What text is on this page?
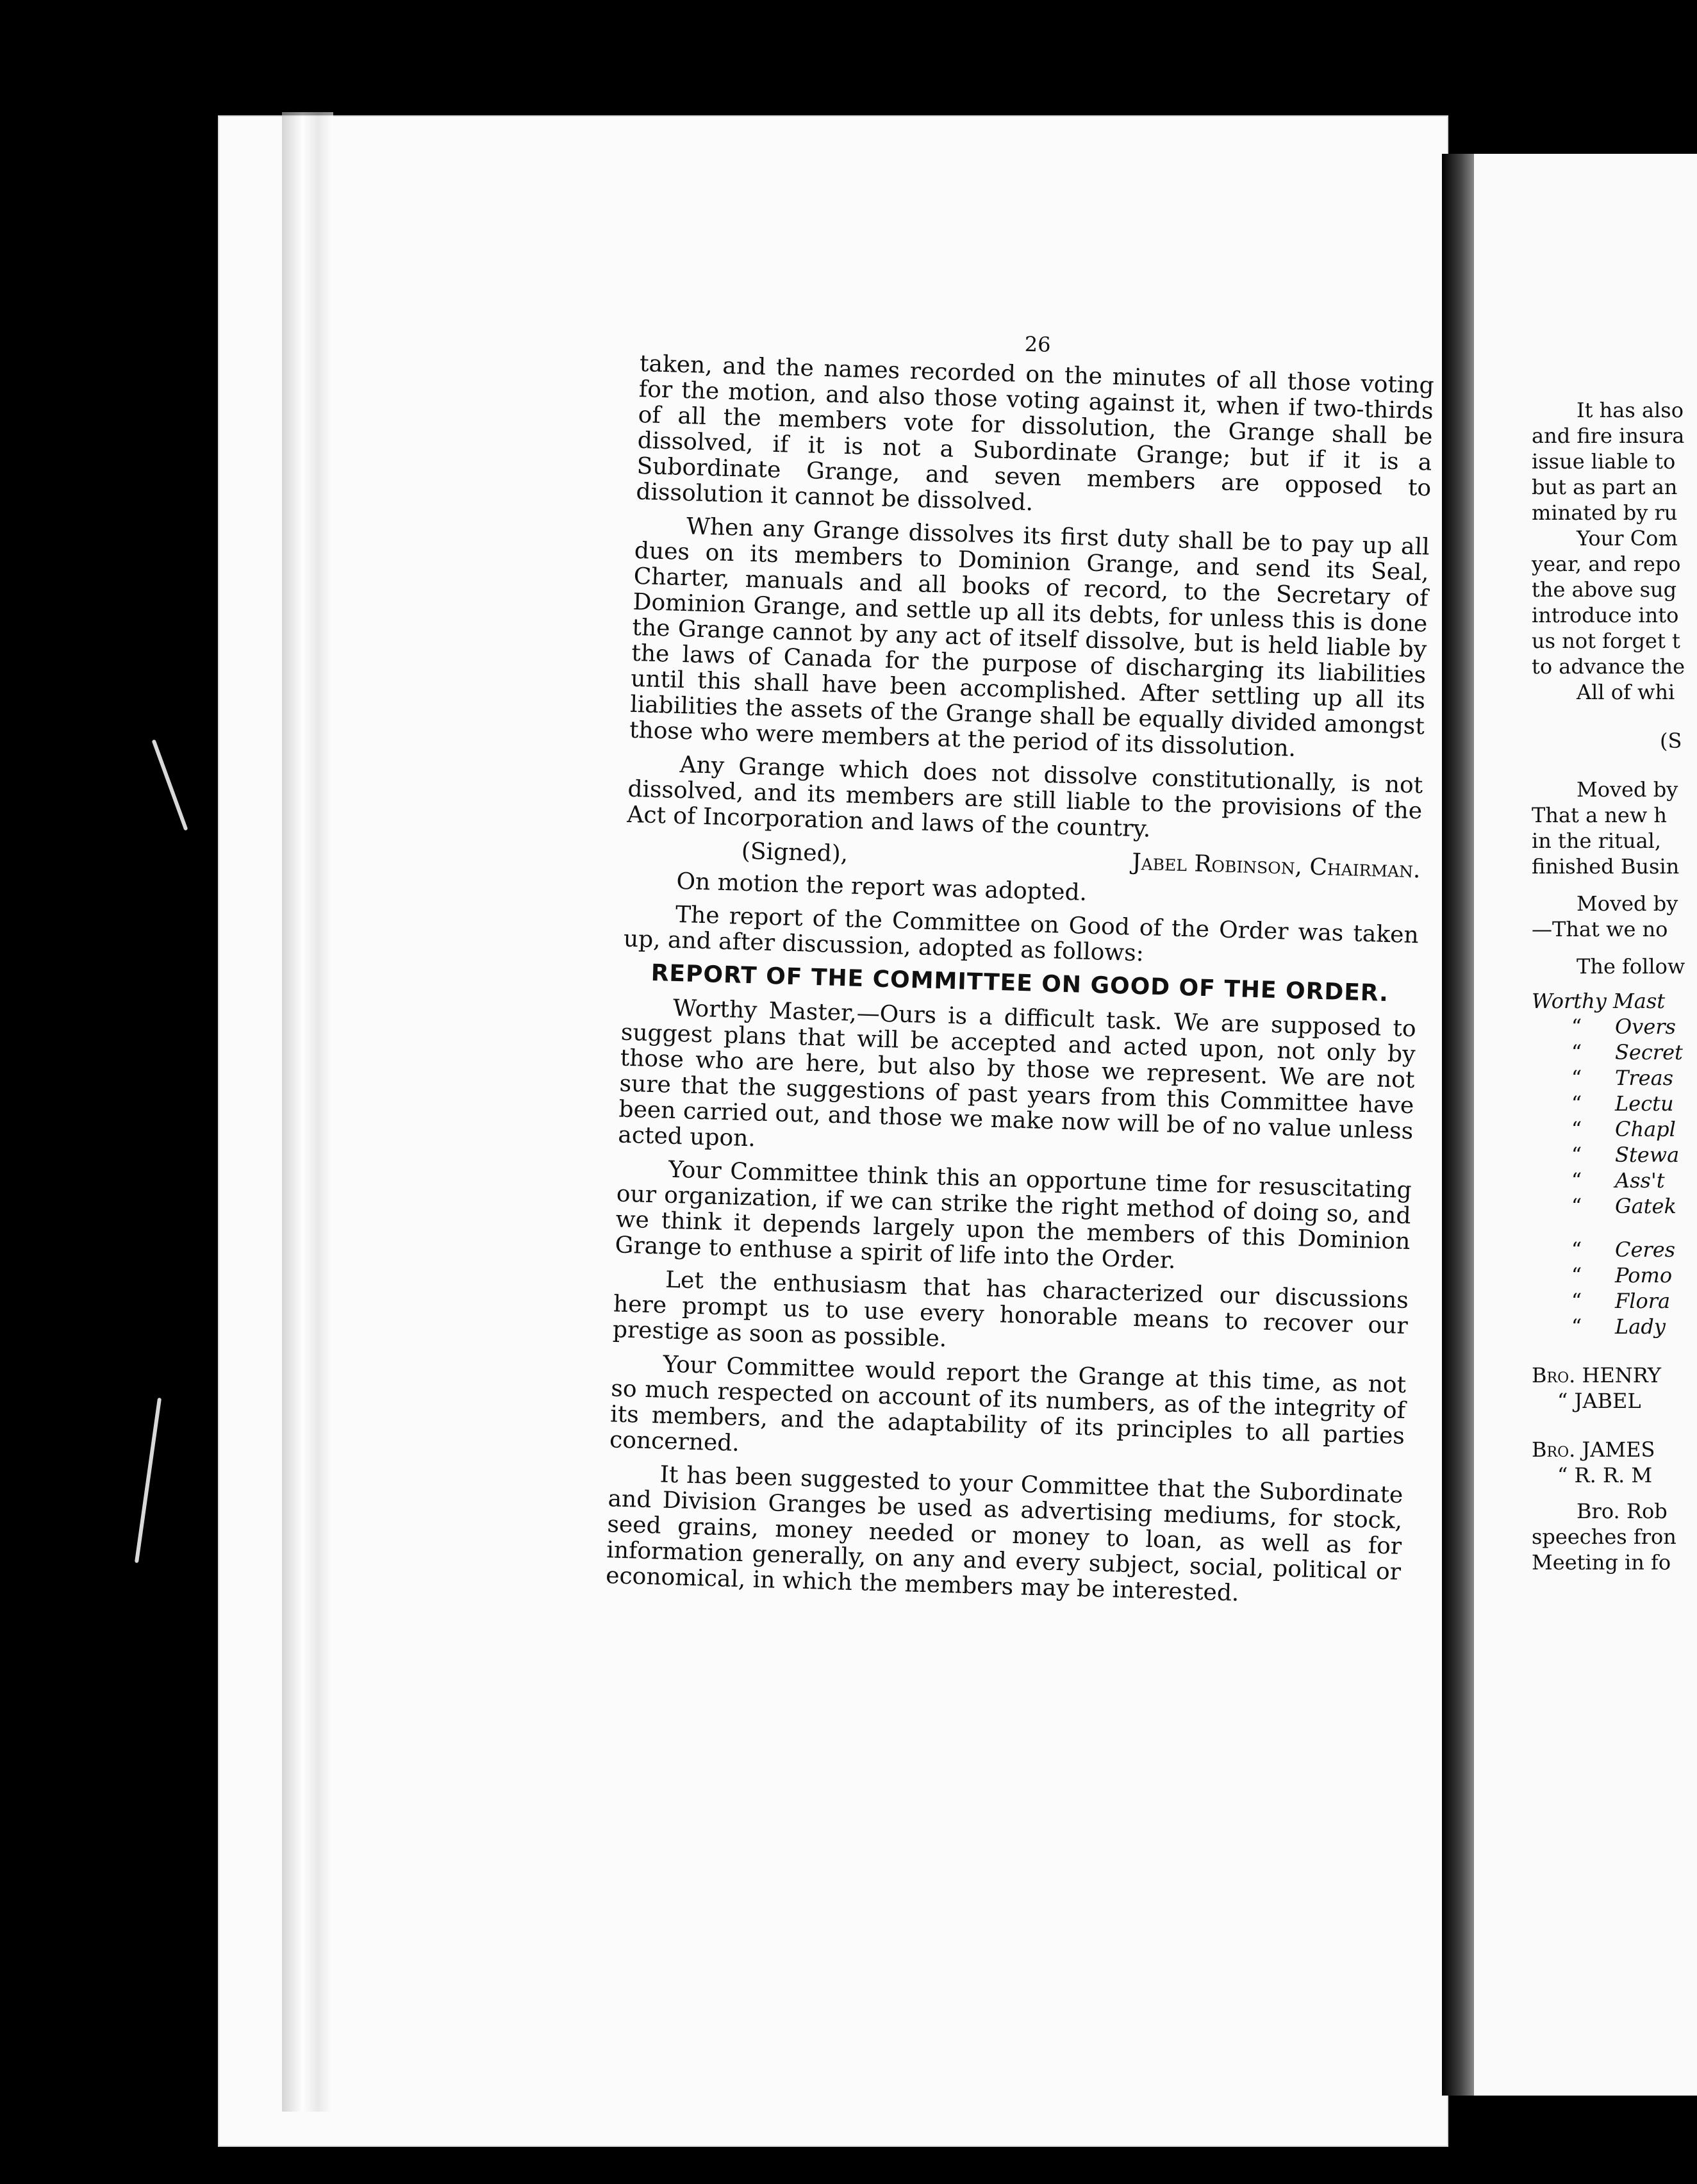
26

taken, and the names recorded on the minutes of all those voting for the motion, and also those voting against it, when if two-thirds of all the members vote for dissolution, the Grange shall be dissolved, if it is not a Subordinate Grange; but if it is a Subordinate Grange, and seven members are opposed to dissolution it cannot be dissolved.

When any Grange dissolves its first duty shall be to pay up all dues on its members to Dominion Grange, and send its Seal, Charter, manuals and all books of record, to the Secretary of Dominion Grange, and settle up all its debts, for unless this is done the Grange cannot by any act of itself dissolve, but is held liable by the laws of Canada for the purpose of discharging its liabilities until this shall have been accomplished. After settling up all its liabilities the assets of the Grange shall be equally divided amongst those who were members at the period of its dissolution.

Any Grange which does not dissolve constitutionally, is not dissolved, and its members are still liable to the provisions of the Act of Incorporation and laws of the country.

(Signed),	Jabel Robinson, Chairman.

On motion the report was adopted.

The report of the Committee on Good of the Order was taken up, and after discussion, adopted as follows:

REPORT OF THE COMMITTEE ON GOOD OF THE ORDER.

Worthy Master,—Ours is a difficult task. We are supposed to suggest plans that will be accepted and acted upon, not only by those who are here, but also by those we represent. We are not sure that the suggestions of past years from this Committee have been carried out, and those we make now will be of no value unless acted upon.

Your Committee think this an opportune time for resuscitating our organization, if we can strike the right method of doing so, and we think it depends largely upon the members of this Dominion Grange to enthuse a spirit of life into the Order.

Let the enthusiasm that has characterized our discussions here prompt us to use every honorable means to recover our prestige as soon as possible.

Your Committee would report the Grange at this time, as not so much respected on account of its numbers, as of the integrity of its members, and the adaptability of its principles to all parties concerned.

It has been suggested to your Committee that the Subordinate and Division Granges be used as advertising mediums, for stock, seed grains, money needed or money to loan, as well as for information generally, on any and every subject, social, political or economical, in which the members may be interested.

It has also

and fire insura

issue liable to

but as part an

minated by ru

Your Com

year, and repo

the above sug

introduce into

us not forget t

to advance the

All of whi

(S

Moved by

That a new h

in the ritual,

finished Busin

Moved by

—That we no

The follow

Worthy Mast

“	Overs

“	Secret

“	Treas

“	Lectu

“	Chapl

“	Stewa

“	Ass't

“	Gatek

“	Ceres

“	Pomo

“	Flora

“	Lady

Bro. HENRY

“ JABEL

Bro. JAMES

“ R. R. M

Bro. Rob

speeches fron

Meeting in fo
